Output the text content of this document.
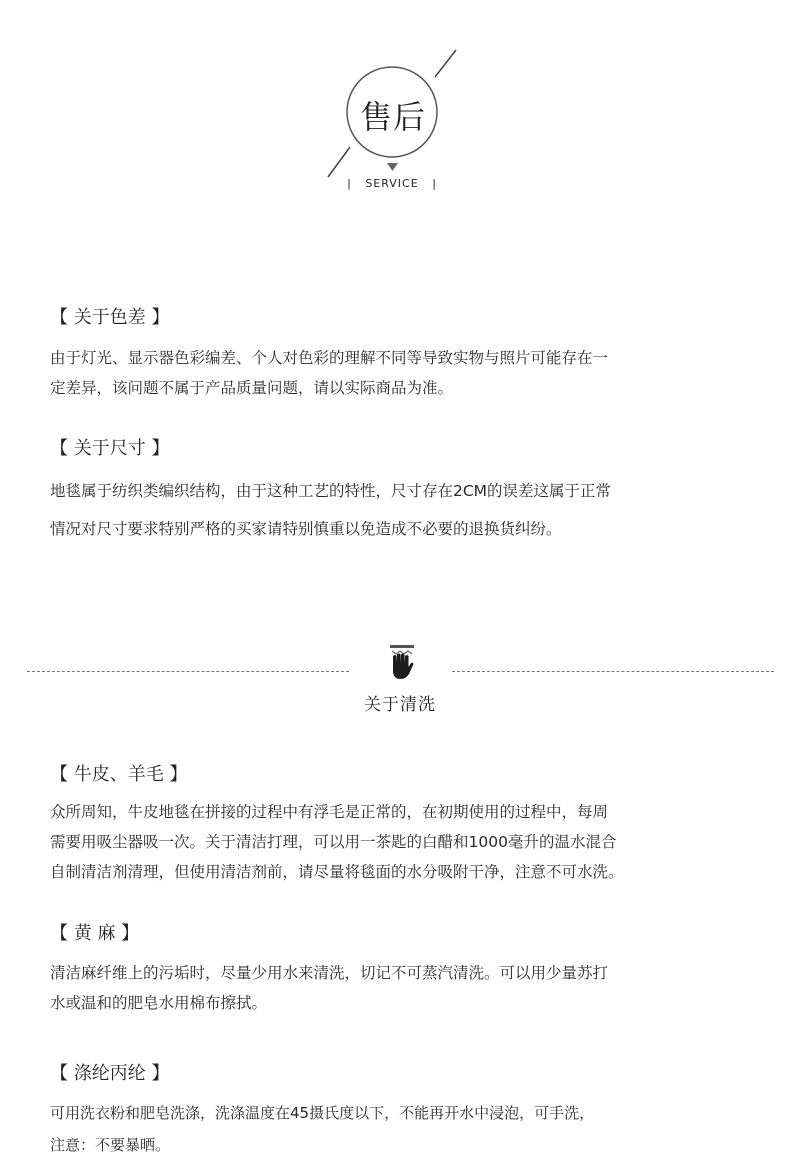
售后
| SERVICE |
【 关于色差 】
由于灯光、显示器色彩编差、个人对色彩的理解不同等导致实物与照片可能存在一
定差异，该问题不属于产品质量问题，请以实际商品为准。
【 关于尺寸 】
地毯属于纺织类编织结构，由于这种工艺的特性，尺寸存在2CM的误差这属于正常
情况对尺寸要求特别严格的买家请特别慎重以免造成不必要的退换货纠纷。
关于清洗
【 牛皮、羊毛 】
众所周知，牛皮地毯在拼接的过程中有浮毛是正常的，在初期使用的过程中，每周
需要用吸尘器吸一次。关于清洁打理，可以用一茶匙的白醋和1000毫升的温水混合
自制清洁剂清理，但使用清洁剂前，请尽量将毯面的水分吸附干净，注意不可水洗。
【 黄 麻 】
清洁麻纤维上的污垢时，尽量少用水来清洗，切记不可蒸汽清洗。可以用少量苏打
水或温和的肥皂水用棉布擦拭。
【 涤纶丙纶 】
可用洗衣粉和肥皂洗涤，洗涤温度在45摄氏度以下，不能再开水中浸泡，可手洗，
注意：不要暴晒。
